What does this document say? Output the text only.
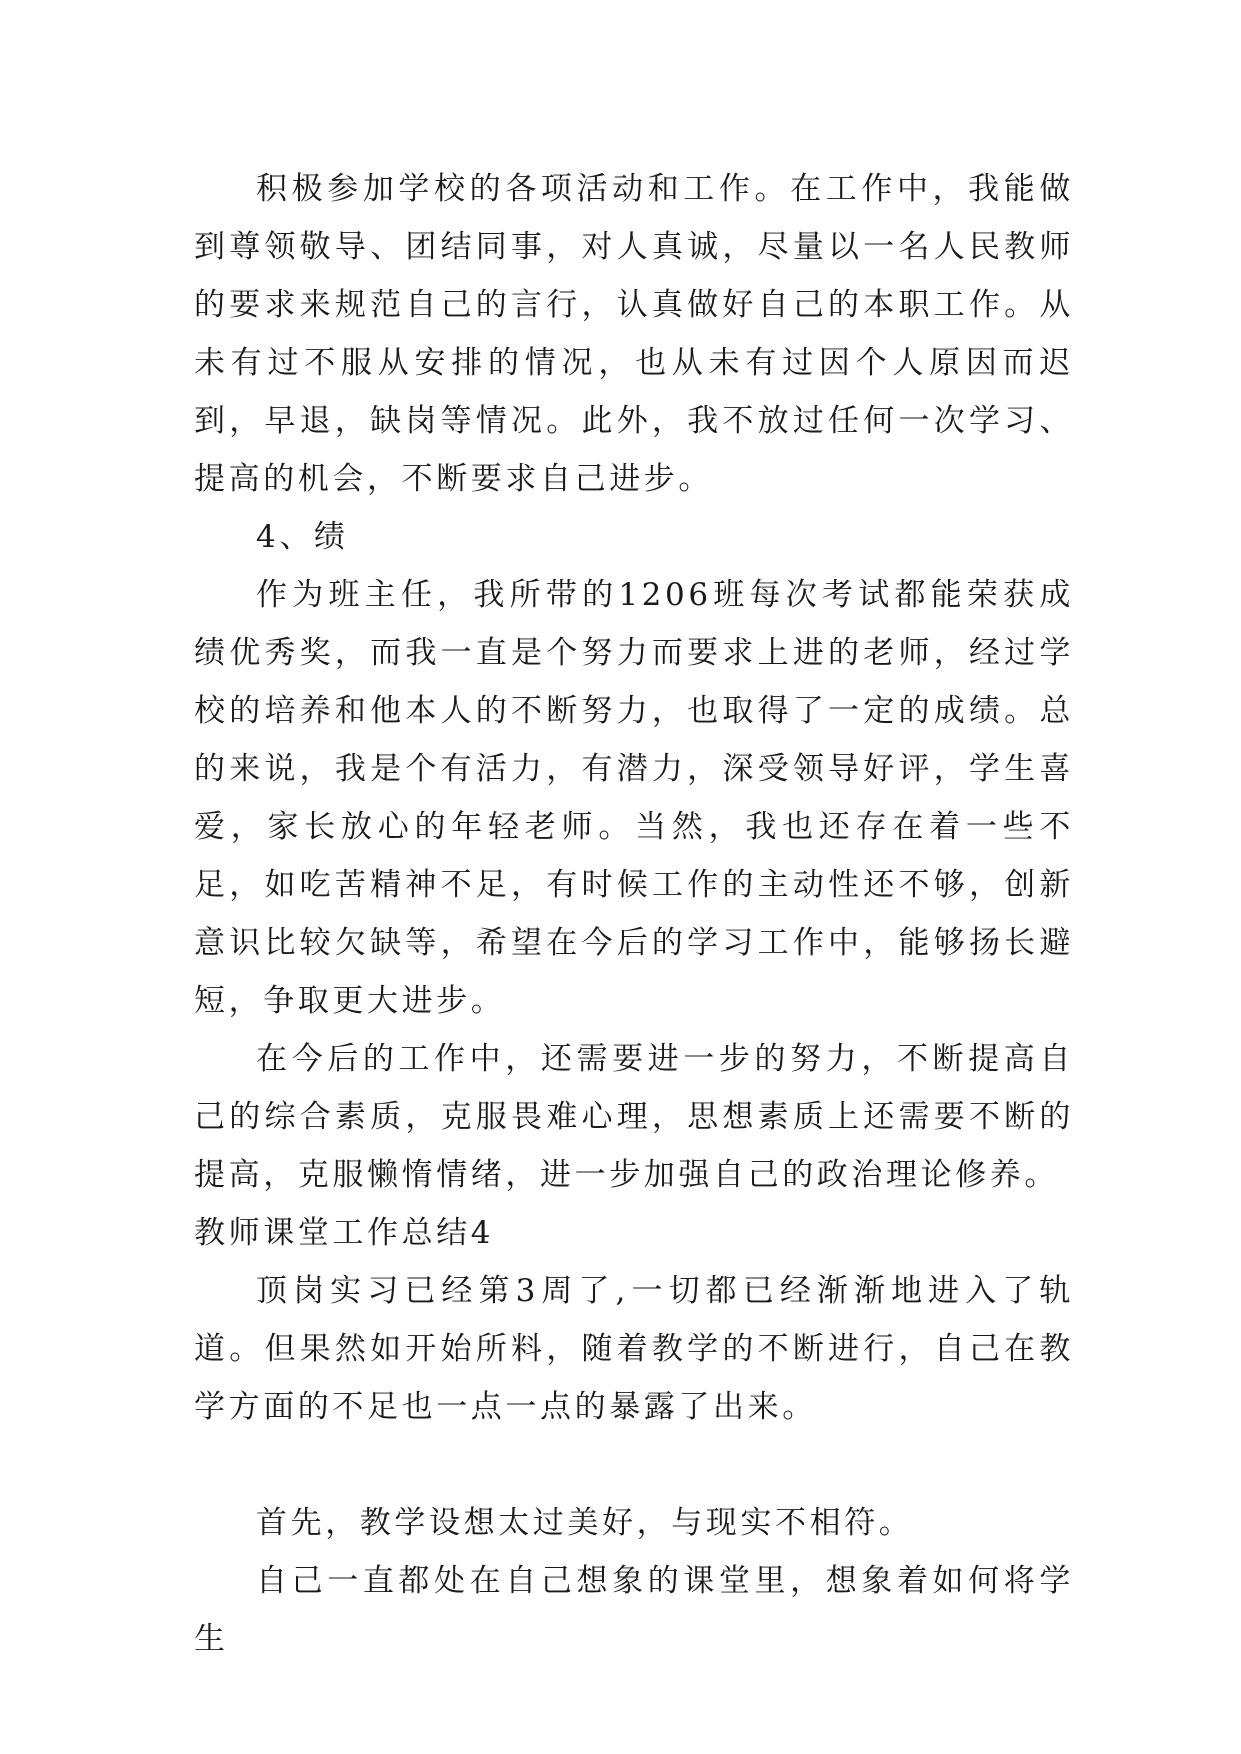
积极参加学校的各项活动和工作。在工作中，我能做到尊领敬导、团结同事，对人真诚，尽量以一名人民教师的要求来规范自己的言行，认真做好自己的本职工作。从未有过不服从安排的情况，也从未有过因个人原因而迟到，早退，缺岗等情况。此外，我不放过任何一次学习、提高的机会，不断要求自己进步。

4、绩

作为班主任，我所带的1206班每次考试都能荣获成绩优秀奖，而我一直是个努力而要求上进的老师，经过学校的培养和他本人的不断努力，也取得了一定的成绩。总的来说，我是个有活力，有潜力，深受领导好评，学生喜爱，家长放心的年轻老师。当然，我也还存在着一些不足，如吃苦精神不足，有时候工作的主动性还不够，创新意识比较欠缺等，希望在今后的学习工作中，能够扬长避短，争取更大进步。

在今后的工作中，还需要进一步的努力，不断提高自己的综合素质，克服畏难心理，思想素质上还需要不断的提高，克服懒惰情绪，进一步加强自己的政治理论修养。

教师课堂工作总结4

顶岗实习已经第3周了,一切都已经渐渐地进入了轨道。但果然如开始所料，随着教学的不断进行，自己在教学方面的不足也一点一点的暴露了出来。

首先，教学设想太过美好，与现实不相符。

自己一直都处在自己想象的课堂里，想象着如何将学生
